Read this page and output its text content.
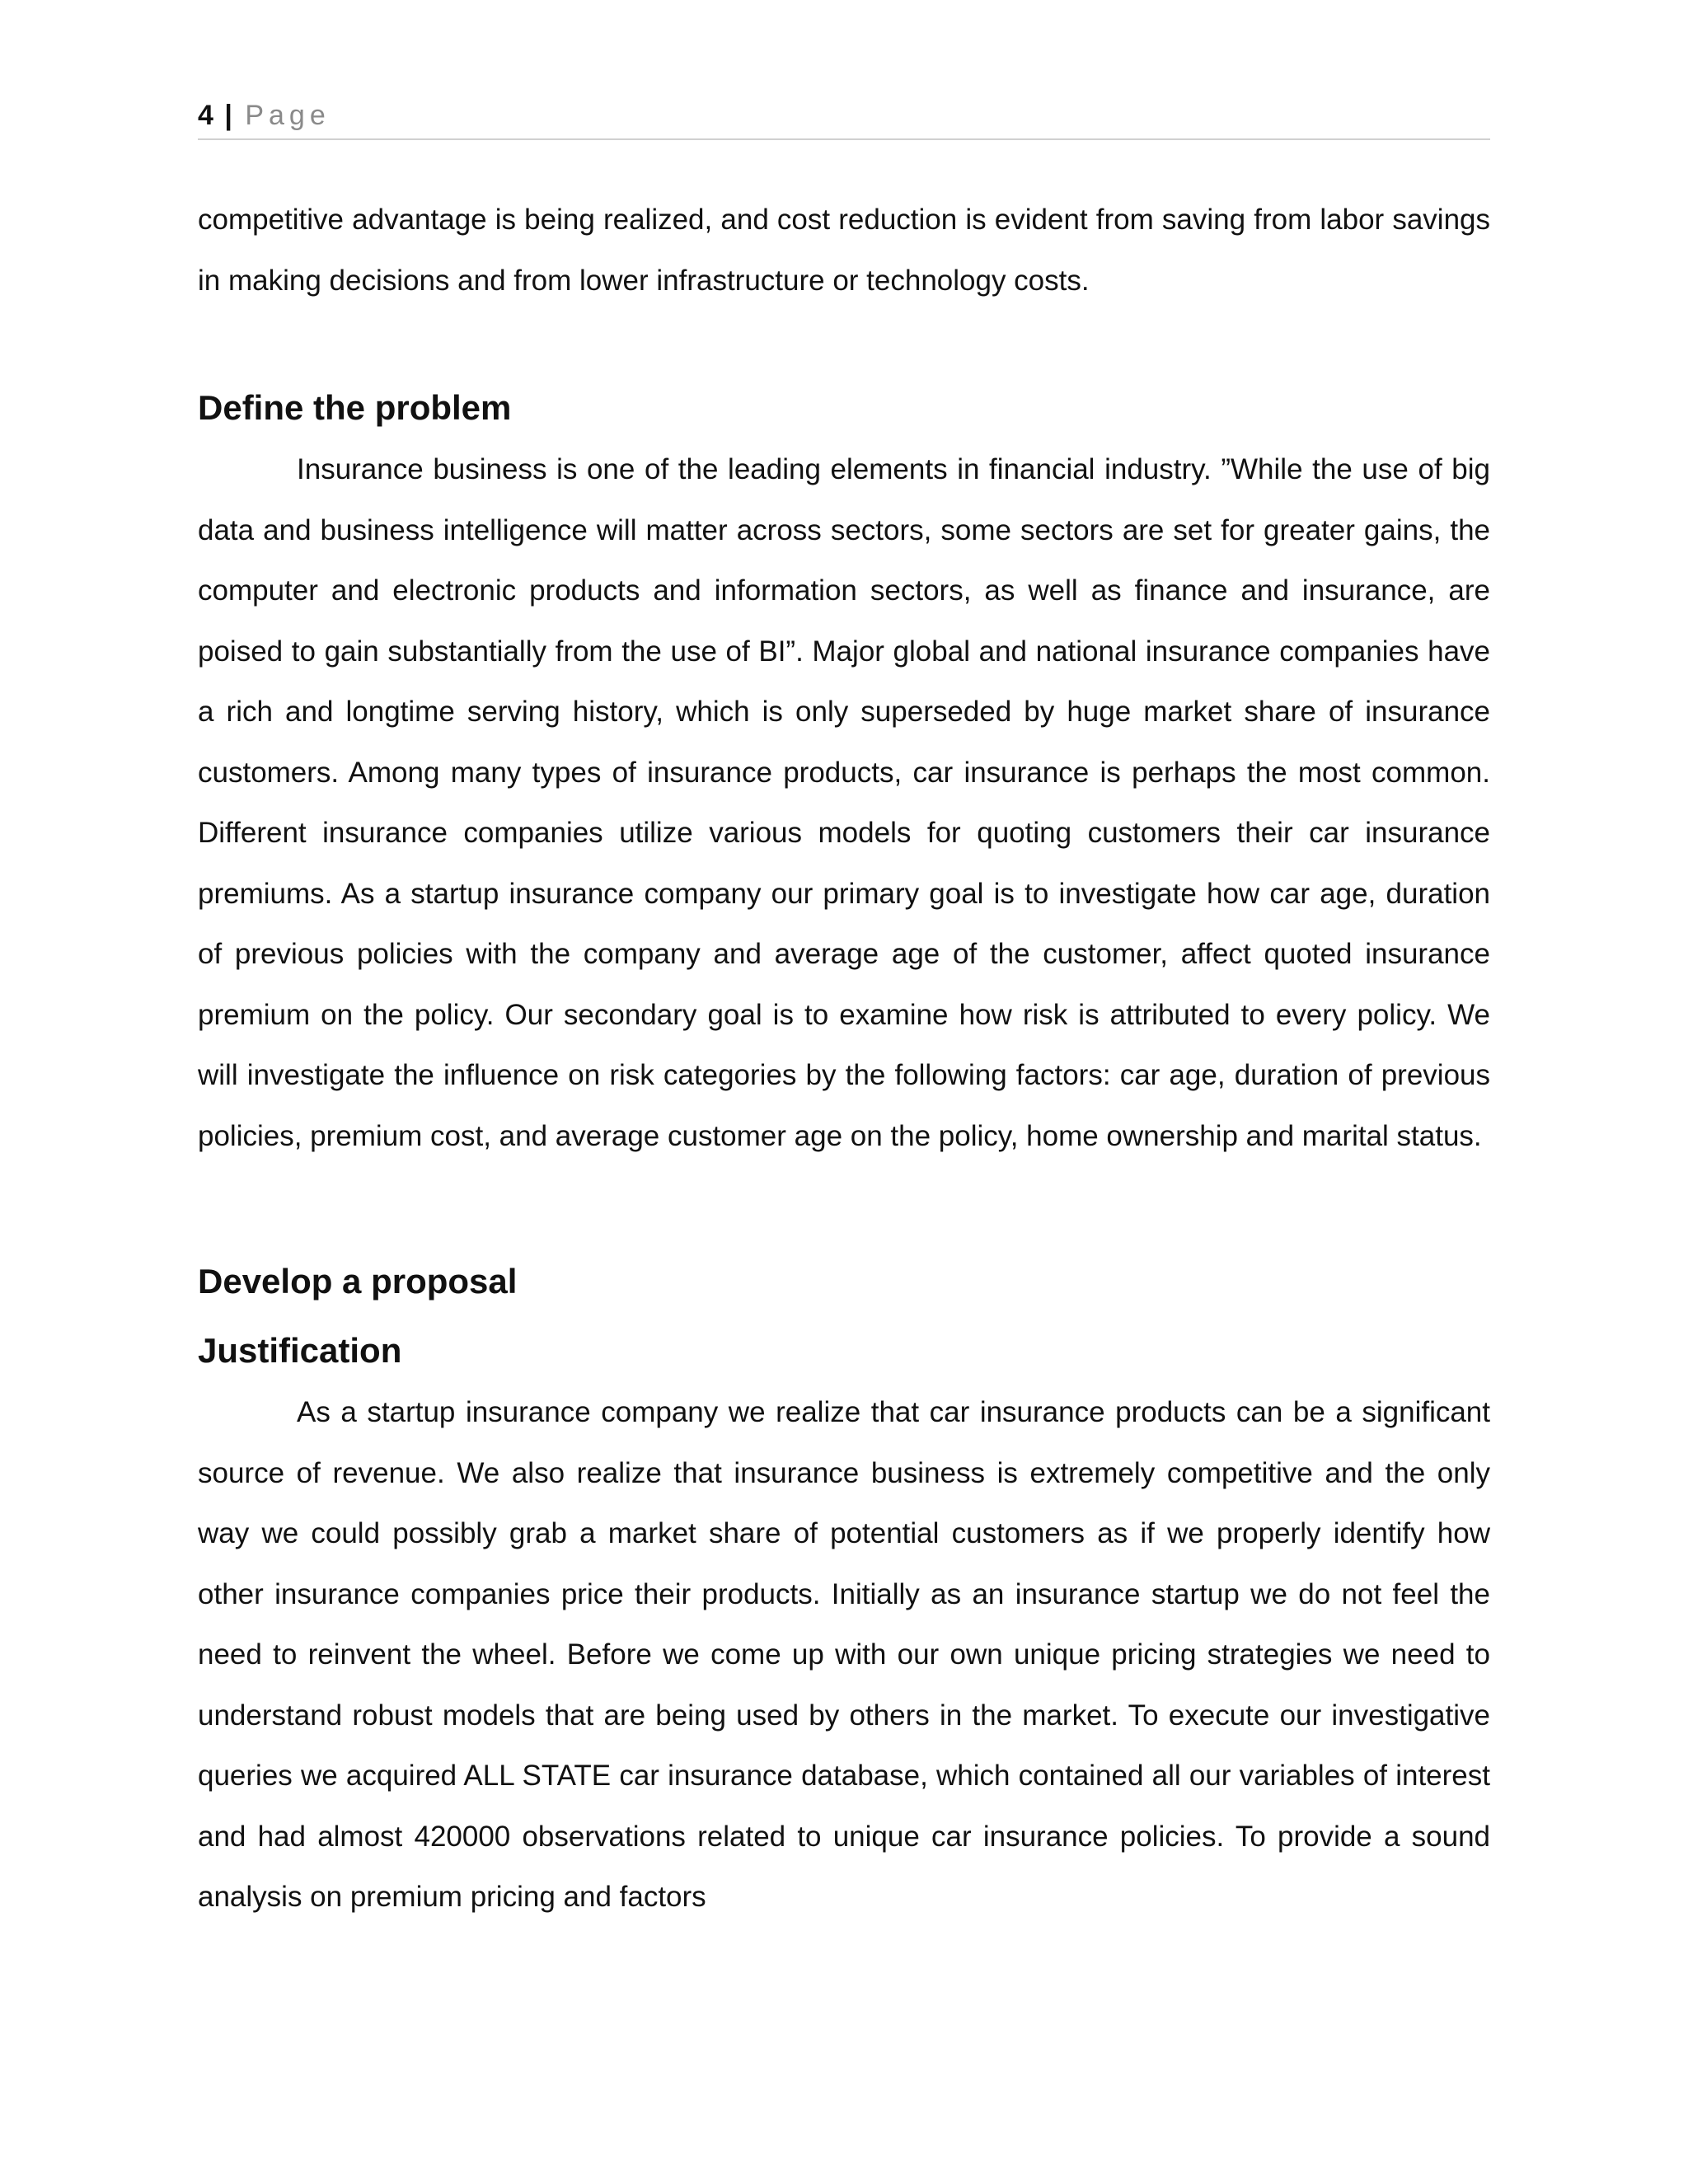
4 | Page

competitive advantage is being realized, and cost reduction is evident from saving from labor savings in making decisions and from lower infrastructure or technology costs.

Define the problem

Insurance business is one of the leading elements in financial industry. ”While the use of big data and business intelligence will matter across sectors, some sectors are set for greater gains, the computer and electronic products and information sectors, as well as finance and insurance, are poised to gain substantially from the use of BI”. Major global and national insurance companies have a rich and longtime serving history, which is only superseded by huge market share of insurance customers. Among many types of insurance products, car insurance is perhaps the most common. Different insurance companies utilize various models for quoting customers their car insurance premiums. As a startup insurance company our primary goal is to investigate how car age, duration of previous policies with the company and average age of the customer, affect quoted insurance premium on the policy. Our secondary goal is to examine how risk is attributed to every policy. We will investigate the influence on risk categories by the following factors: car age, duration of previous policies, premium cost, and average customer age on the policy, home ownership and marital status.

Develop a proposal
Justification

As a startup insurance company we realize that car insurance products can be a significant source of revenue. We also realize that insurance business is extremely competitive and the only way we could possibly grab a market share of potential customers as if we properly identify how other insurance companies price their products. Initially as an insurance startup we do not feel the need to reinvent the wheel. Before we come up with our own unique pricing strategies we need to understand robust models that are being used by others in the market. To execute our investigative queries we acquired ALL STATE car insurance database, which contained all our variables of interest and had almost 420000 observations related to unique car insurance policies. To provide a sound analysis on premium pricing and factors
